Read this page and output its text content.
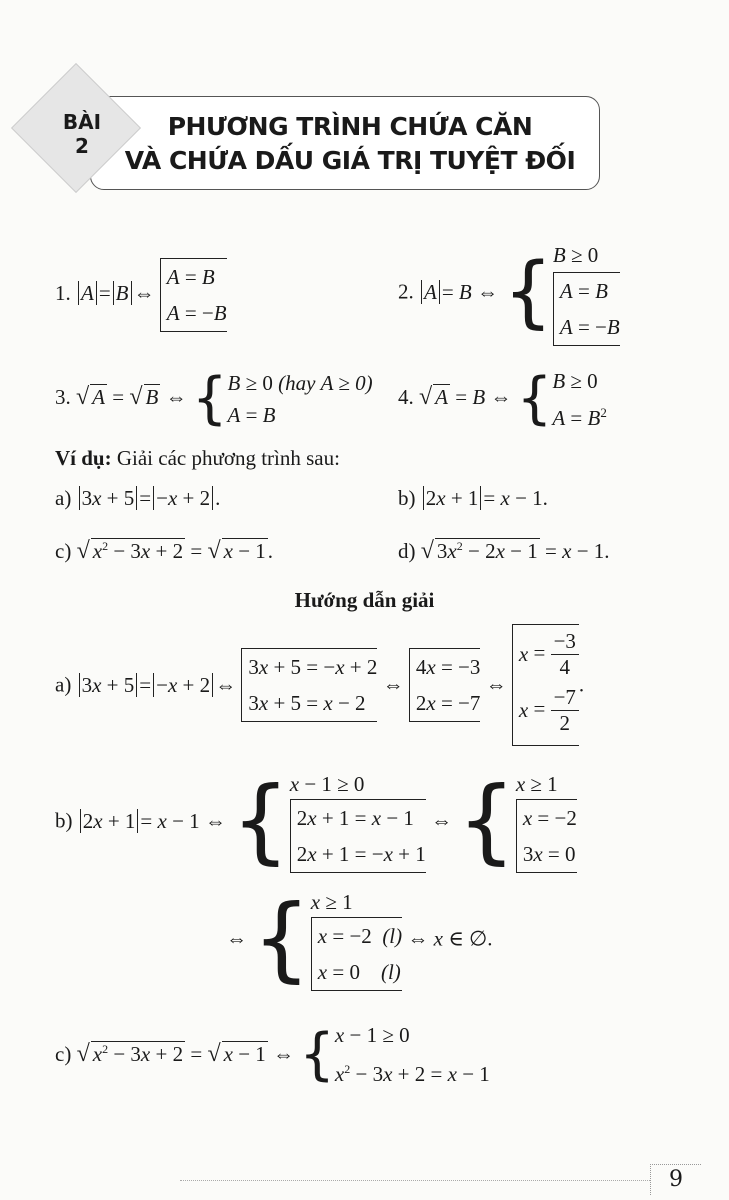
BÀI
2
PHƯƠNG TRÌNH CHỨA CĂN
VÀ CHỨA DẤU GIÁ TRỊ TUYỆT ĐỐI
1. A = B ⇔
A = B
A = −B
2. A = B ⇔ { B ≥ 0
A = B
A = −B
3. √ A = √ B ⇔ { B ≥ 0 (hay A ≥ 0)
A = B
4. √ A = B ⇔ { B ≥ 0
$A = B^2$
Ví dụ: Giải các phương trình sau:
a) 3x + 5 = −x + 2 .	b) 2x + 1 = x − 1.
c) √ $x^2 - 3x + 2$ = √ x − 1.	d) √ $3x^2 - 2x - 1 = x - 1$.
Hướng dẫn giải
a) 3x + 5 = −x + 2 ⇔
3x + 5 = −x + 2
3x + 5 = x − 2
⇔
4x = −3
2x = −7
⇔
$x = \frac{-3}{4}$
$x = \frac{-7}{2}$
.
b) 2x + 1 = x − 1 ⇔ { x − 1 ≥ 0
2x + 1 = x − 1
2x + 1 = −x + 1 ⇔ { x ≥ 1
x = −2
3x = 0
⇔ { x ≥ 1
x = −2  (l)
x = 0    (l) ⇔ x ∈ ∅.
c) √ $x^2 - 3x + 2$ = √ x − 1 ⇔ { x − 1 ≥ 0
$x^2 - 3x + 2 = x - 1$
9
